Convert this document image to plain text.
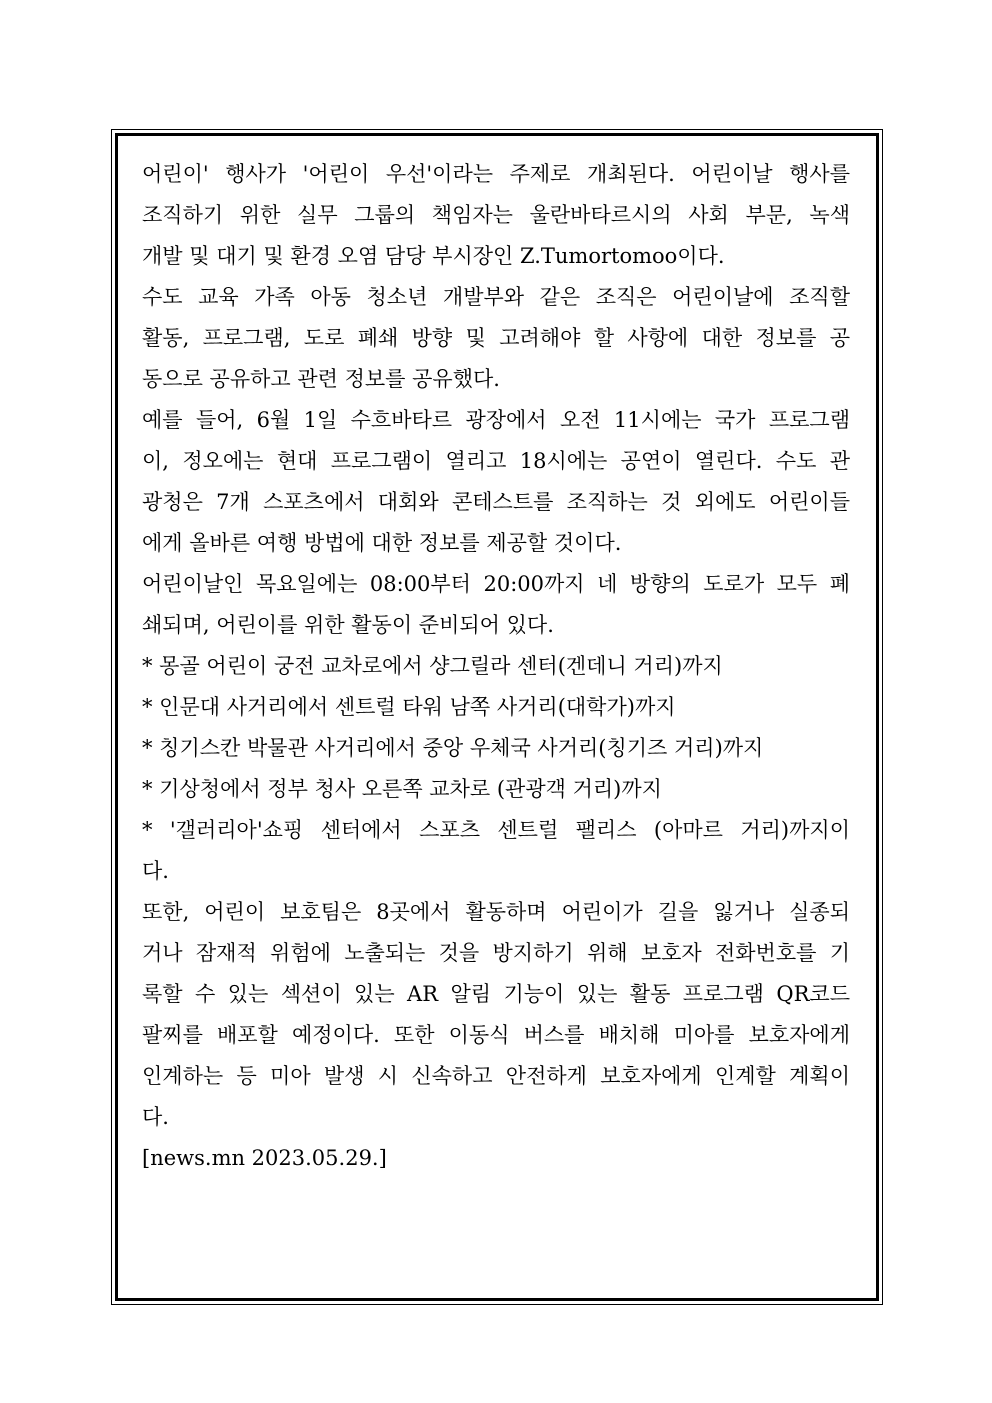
어린이' 행사가 '어린이 우선'이라는 주제로 개최된다. 어린이날 행사를
조직하기 위한 실무 그룹의 책임자는 울란바타르시의 사회 부문, 녹색
개발 및 대기 및 환경 오염 담당 부시장인 Z.Tumortomoo이다.
수도 교육 가족 아동 청소년 개발부와 같은 조직은 어린이날에 조직할
활동, 프로그램, 도로 폐쇄 방향 및 고려해야 할 사항에 대한 정보를 공
동으로 공유하고 관련 정보를 공유했다.
예를 들어, 6월 1일 수흐바타르 광장에서 오전 11시에는 국가 프로그램
이, 정오에는 현대 프로그램이 열리고 18시에는 공연이 열린다. 수도 관
광청은 7개 스포츠에서 대회와 콘테스트를 조직하는 것 외에도 어린이들
에게 올바른 여행 방법에 대한 정보를 제공할 것이다.
어린이날인 목요일에는 08:00부터 20:00까지 네 방향의 도로가 모두 폐
쇄되며, 어린이를 위한 활동이 준비되어 있다.
* 몽골 어린이 궁전 교차로에서 샹그릴라 센터(겐데니 거리)까지
* 인문대 사거리에서 센트럴 타워 남쪽 사거리(대학가)까지
* 칭기스칸 박물관 사거리에서 중앙 우체국 사거리(칭기즈 거리)까지
* 기상청에서 정부 청사 오른쪽 교차로 (관광객 거리)까지
* '갤러리아'쇼핑 센터에서 스포츠 센트럴 팰리스 (아마르 거리)까지이
다.
또한, 어린이 보호팀은 8곳에서 활동하며 어린이가 길을 잃거나 실종되
거나 잠재적 위험에 노출되는 것을 방지하기 위해 보호자 전화번호를 기
록할 수 있는 섹션이 있는 AR 알림 기능이 있는 활동 프로그램 QR코드
팔찌를 배포할 예정이다. 또한 이동식 버스를 배치해 미아를 보호자에게
인계하는 등 미아 발생 시 신속하고 안전하게 보호자에게 인계할 계획이
다.
[news.mn 2023.05.29.]
